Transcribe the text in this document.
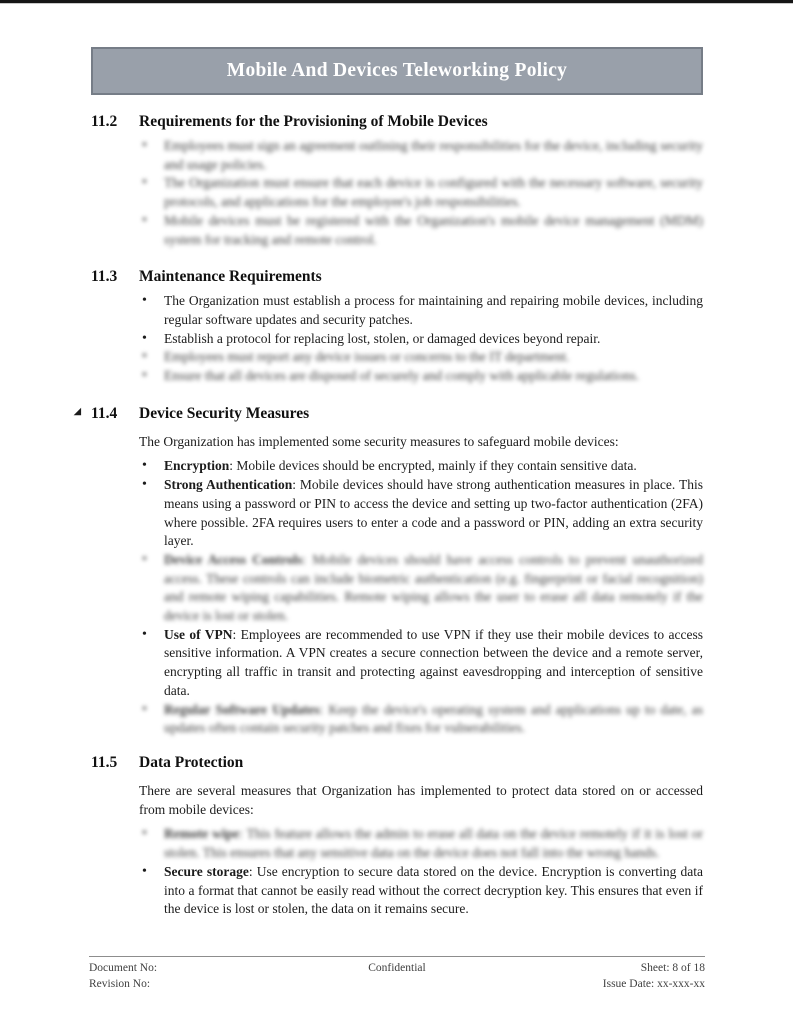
Mobile And Devices Teleworking Policy
11.2	Requirements for the Provisioning of Mobile Devices
• Employees must sign an agreement outlining their responsibilities for the device, including security and usage policies.
• The Organization must ensure that each device is configured with the necessary software, security protocols, and applications for the employee's job responsibilities.
• Mobile devices must be registered with the Organization's mobile device management (MDM) system for tracking and remote control.
11.3	Maintenance Requirements
• The Organization must establish a process for maintaining and repairing mobile devices, including regular software updates and security patches.
• Establish a protocol for replacing lost, stolen, or damaged devices beyond repair.
• Employees must report any device issues or concerns to the IT department.
• Ensure that all devices are disposed of securely and comply with applicable regulations.
◢ 11.4	Device Security Measures
The Organization has implemented some security measures to safeguard mobile devices:
• Encryption: Mobile devices should be encrypted, mainly if they contain sensitive data.
• Strong Authentication: Mobile devices should have strong authentication measures in place. This means using a password or PIN to access the device and setting up two-factor authentication (2FA) where possible. 2FA requires users to enter a code and a password or PIN, adding an extra security layer.
• Device Access Controls: Mobile devices should have access controls to prevent unauthorized access. These controls can include biometric authentication (e.g. fingerprint or facial recognition) and remote wiping capabilities. Remote wiping allows the user to erase all data remotely if the device is lost or stolen.
• Use of VPN: Employees are recommended to use VPN if they use their mobile devices to access sensitive information. A VPN creates a secure connection between the device and a remote server, encrypting all traffic in transit and protecting against eavesdropping and interception of sensitive data.
• Regular Software Updates: Keep the device's operating system and applications up to date, as updates often contain security patches and fixes for vulnerabilities.
11.5	Data Protection
There are several measures that Organization has implemented to protect data stored on or accessed from mobile devices:
• Remote wipe: This feature allows the admin to erase all data on the device remotely if it is lost or stolen. This ensures that any sensitive data on the device does not fall into the wrong hands.
• Secure storage: Use encryption to secure data stored on the device. Encryption is converting data into a format that cannot be easily read without the correct decryption key. This ensures that even if the device is lost or stolen, the data on it remains secure.
Document No:
Revision No:
Confidential	Sheet: 8 of 18
Issue Date: xx-xxx-xx
